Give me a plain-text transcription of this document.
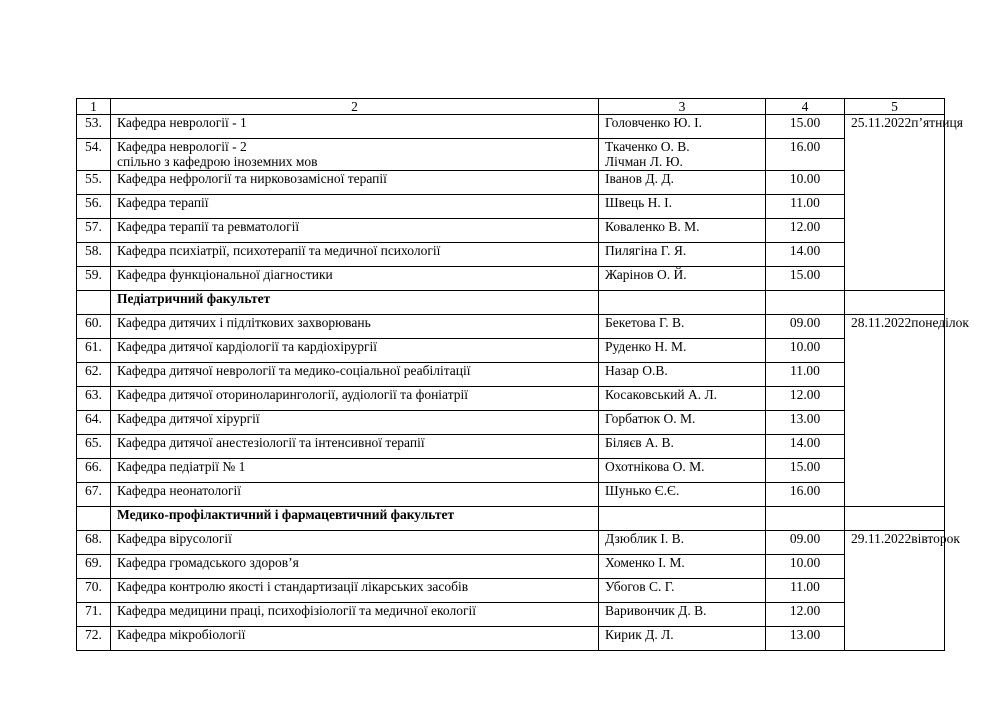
1	2	3	4	5
53.	Кафедра неврології - 1	Головченко Ю. І.	15.00	25.11.2022п’ятниця
54.	Кафедра неврології - 2
спільно з кафедрою іноземних мов	Ткаченко О. В.
Лічман Л. Ю.	16.00	
55.	Кафедра нефрології та нирковозамісної терапії	Іванов Д. Д.	10.00	
56.	Кафедра терапії	Швець Н. І.	11.00	
57.	Кафедра терапії та ревматології	Коваленко В. М.	12.00	
58.	Кафедра психіатрії, психотерапії та медичної психології	Пилягіна Г. Я.	14.00	
59.	Кафедра функціональної діагностики	Жарінов О. Й.	15.00	
	Педіатричний факультет			
60.	Кафедра дитячих і підліткових захворювань	Бекетова Г. В.	09.00	28.11.2022понеділок
61.	Кафедра дитячої кардіології та кардіохірургії	Руденко Н. М.	10.00	
62.	Кафедра дитячої неврології та медико-соціальної реабілітації	Назар О.В.	11.00	
63.	Кафедра дитячої оториноларингології, аудіології та фоніатрії	Косаковський А. Л.	12.00	
64.	Кафедра дитячої хірургії	Горбатюк О. М.	13.00	
65.	Кафедра дитячої анестезіології та інтенсивної терапії	Біляєв А. В.	14.00	
66.	Кафедра педіатрії № 1	Охотнікова О. М.	15.00	
67.	Кафедра неонатології	Шунько Є.Є.	16.00	
	Медико-профілактичний і фармацевтичний факультет			
68.	Кафедра вірусології	Дзюблик І. В.	09.00	29.11.2022вівторок
69.	Кафедра громадського здоров’я	Хоменко І. М.	10.00	
70.	Кафедра контролю якості і стандартизації лікарських засобів	Убогов С. Г.	11.00	
71.	Кафедра медицини праці, психофізіології та медичної екології	Варивончик Д. В.	12.00	
72.	Кафедра мікробіології	Кирик Д. Л.	13.00	
